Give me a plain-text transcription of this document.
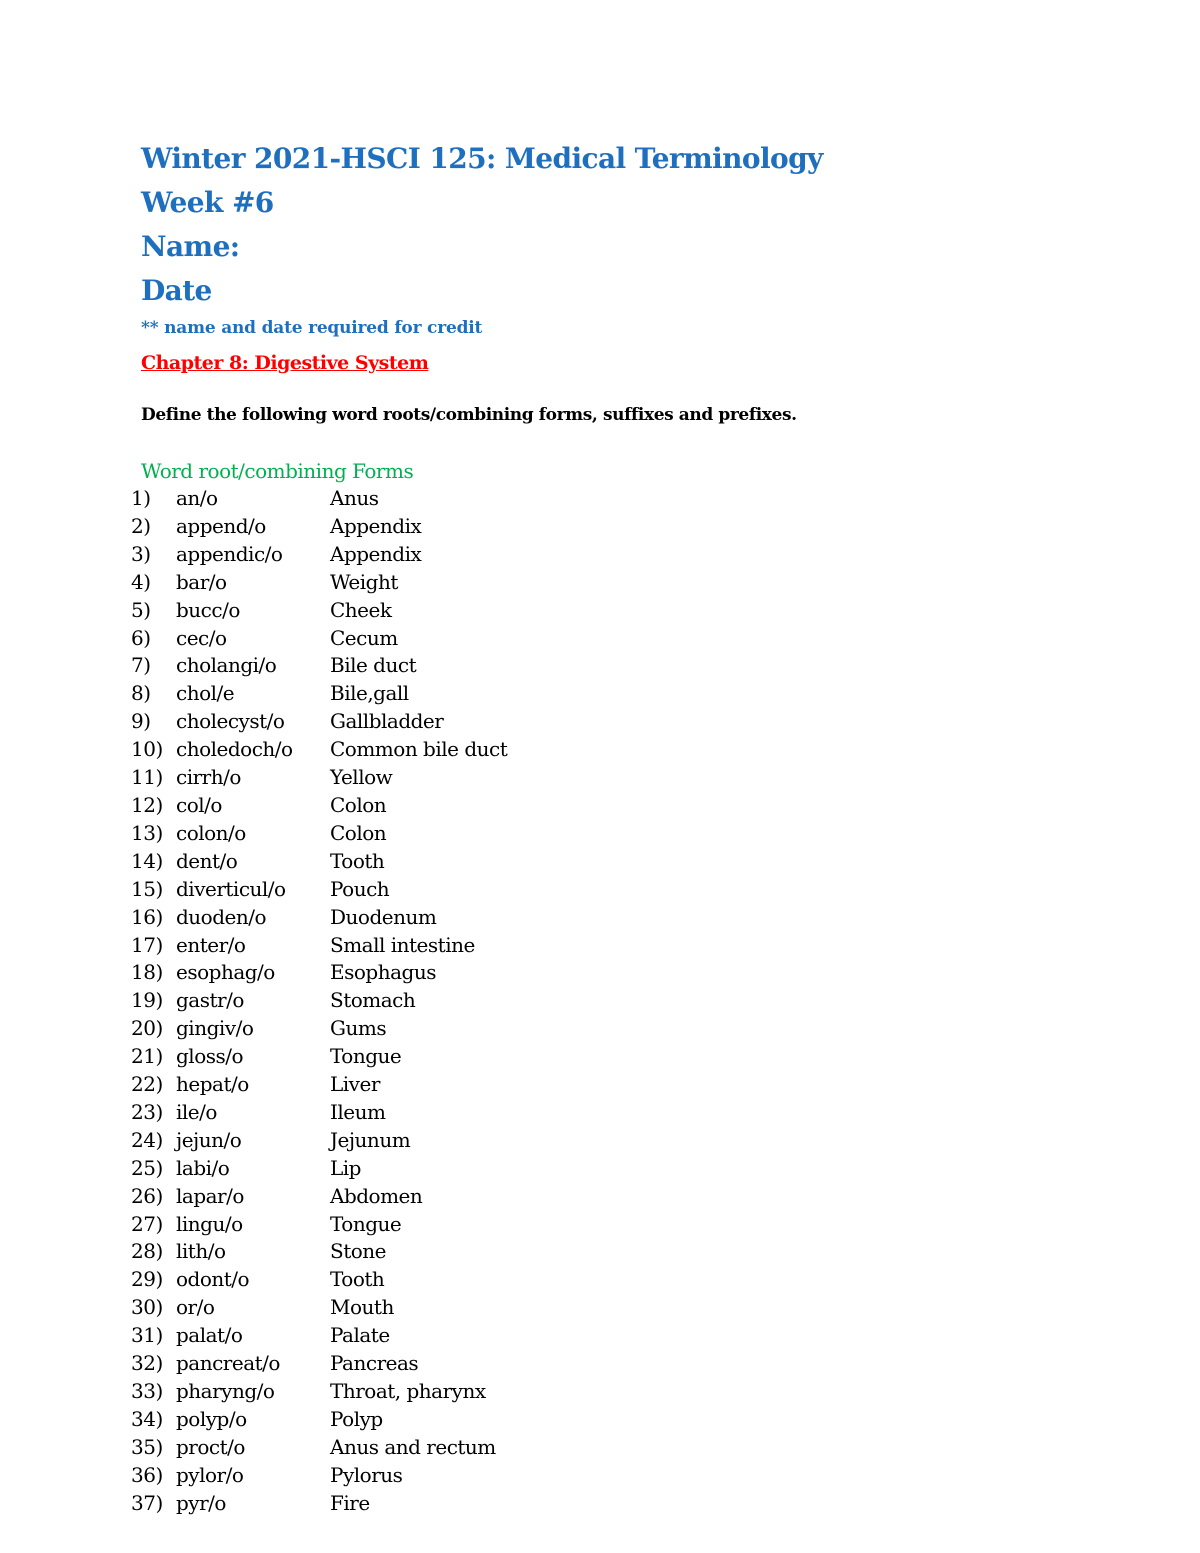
Winter 2021-HSCI 125: Medical Terminology
Week #6
Name:
Date
** name and date required for credit
Chapter 8: Digestive System
Define the following word roots/combining forms, suffixes and prefixes.
Word root/combining Forms
1) an/o	Anus
2) append/o	Appendix
3) appendic/o Appendix
4) bar/o	Weight
5) bucc/o	Cheek
6) cec/o	Cecum
7) cholangi/o	Bile duct
8) chol/e	Bile,gall
9) cholecyst/o Gallbladder
10) choledoch/o Common bile duct
11) cirrh/o	Yellow
12) col/o	Colon
13) colon/o	Colon
14) dent/o	Tooth
15) diverticul/o Pouch
16) duoden/o	Duodenum
17) enter/o	Small intestine
18) esophag/o	Esophagus
19) gastr/o	Stomach
20) gingiv/o	Gums
21) gloss/o	Tongue
22) hepat/o	Liver
23) ile/o	Ileum
24) jejun/o	Jejunum
25) labi/o	Lip
26) lapar/o	Abdomen
27) lingu/o	Tongue
28) lith/o	Stone
29) odont/o	Tooth
30) or/o	Mouth
31) palat/o	Palate
32) pancreat/o	Pancreas
33) pharyng/o	Throat, pharynx
34) polyp/o	Polyp
35) proct/o	Anus and rectum
36) pylor/o	Pylorus
37) pyr/o	Fire
